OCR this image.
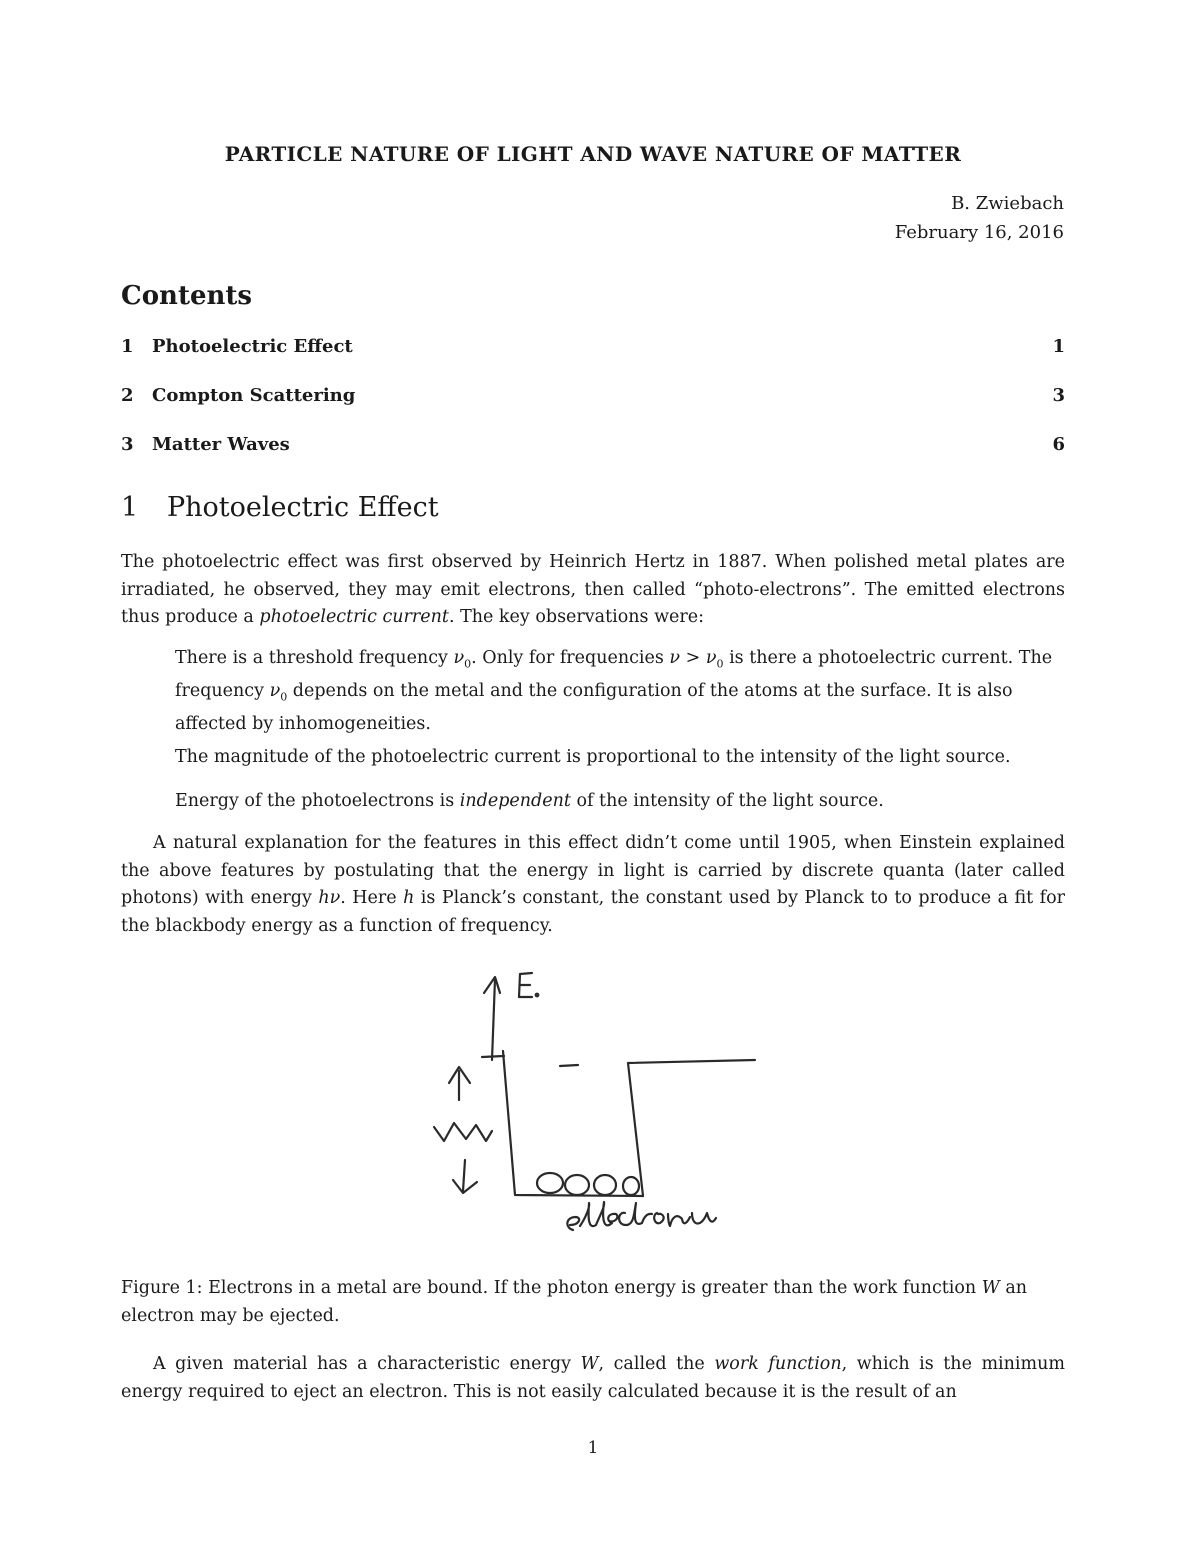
PARTICLE NATURE OF LIGHT AND WAVE NATURE OF MATTER
B. Zwiebach
February 16, 2016
Contents
1 Photoelectric Effect	1
2 Compton Scattering	3
3 Matter Waves	6
1 Photoelectric Effect
The photoelectric effect was first observed by Heinrich Hertz in 1887. When polished metal plates are irradiated, he observed, they may emit electrons, then called “photo-electrons”. The emitted electrons thus produce a photoelectric current. The key observations were:
There is a threshold frequency $\nu_0$. Only for frequencies $\nu > \nu_0$ is there a photoelectric current. The frequency $\nu_0$ depends on the metal and the configuration of the atoms at the surface. It is also affected by inhomogeneities.
The magnitude of the photoelectric current is proportional to the intensity of the light source.
Energy of the photoelectrons is independent of the intensity of the light source.
A natural explanation for the features in this effect didn’t come until 1905, when Einstein explained the above features by postulating that the energy in light is carried by discrete quanta (later called photons) with energy hν. Here h is Planck’s constant, the constant used by Planck to to produce a fit for the blackbody energy as a function of frequency.
Figure 1: Electrons in a metal are bound. If the photon energy is greater than the work function W an electron may be ejected.
A given material has a characteristic energy W, called the work function, which is the minimum energy required to eject an electron. This is not easily calculated because it is the result of an
1
